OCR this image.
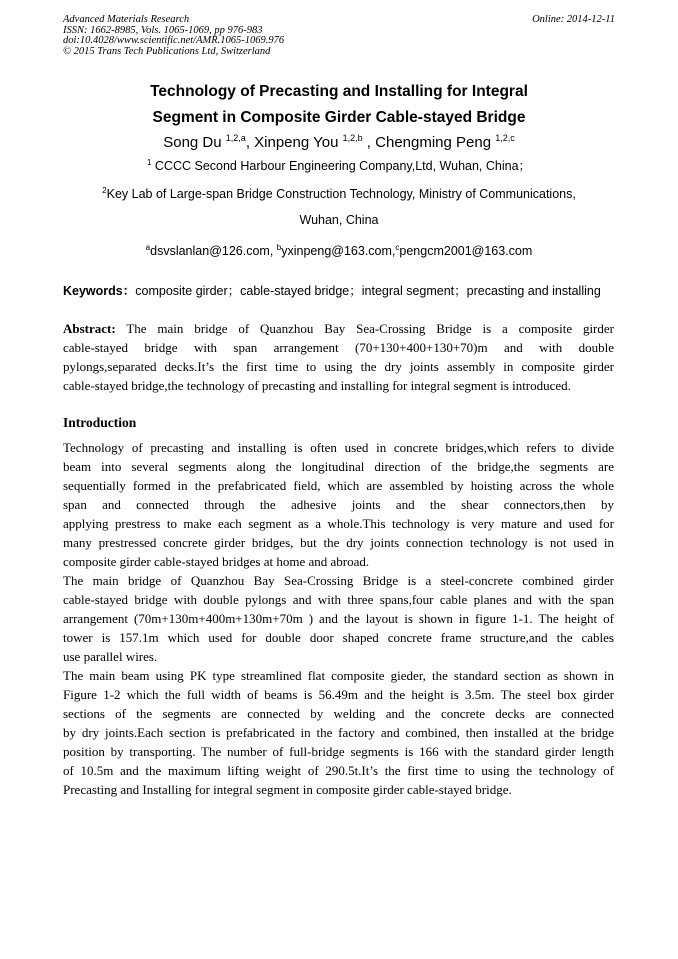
Advanced Materials Research
ISSN: 1662-8985, Vols. 1065-1069, pp 976-983
doi:10.4028/www.scientific.net/AMR.1065-1069.976
© 2015 Trans Tech Publications Ltd, Switzerland
Online: 2014-12-11
Technology of Precasting and Installing for Integral
Segment in Composite Girder Cable-stayed Bridge
Song Du $^{1,2,a}$, Xinpeng You $^{1,2,b}$ , Chengming Peng $^{1,2,c}$
$^1$ CCCC Second Harbour Engineering Company,Ltd, Wuhan, China；
$^2$Key Lab of Large-span Bridge Construction Technology, Ministry of Communications,
Wuhan, China
$^a$dsvslanlan@126.com, $^b$yxinpeng@163.com,$^c$pengcm2001@163.com
Keywords：composite girder；cable-stayed bridge；integral segment；precasting and installing
Abstract: The main bridge of Quanzhou Bay Sea-Crossing Bridge is a composite girder
cable-stayed bridge with span arrangement (70+130+400+130+70)m and with double
pylongs,separated decks.It’s the first time to using the dry joints assembly in composite girder
cable-stayed bridge,the technology of precasting and installing for integral segment is introduced.
Introduction
Technology of precasting and installing is often used in concrete bridges,which refers to divide
beam into several segments along the longitudinal direction of the bridge,the segments are
sequentially formed in the prefabricated field, which are assembled by hoisting across the whole
span and connected through the adhesive joints and the shear connectors,then by
applying prestress to make each segment as a whole.This technology is very mature and used for
many prestressed concrete girder bridges, but the dry joints connection technology is not used in
composite girder cable-stayed bridges at home and abroad.
The main bridge of Quanzhou Bay Sea-Crossing Bridge is a steel-concrete combined girder
cable-stayed bridge with double pylongs and with three spans,four cable planes and with the span
arrangement (70m+130m+400m+130m+70m ) and the layout is shown in figure 1-1. The height of
tower is 157.1m which used for double door shaped concrete frame structure,and the cables
use parallel wires.
The main beam using PK type streamlined flat composite gieder, the standard section as shown in
Figure 1-2 which the full width of beams is 56.49m and the height is 3.5m. The steel box girder
sections of the segments are connected by welding and the concrete decks are connected
by dry joints.Each section is prefabricated in the factory and combined, then installed at the bridge
position by transporting. The number of full-bridge segments is 166 with the standard girder length
of 10.5m and the maximum lifting weight of 290.5t.It’s the first time to using the technology of
Precasting and Installing for integral segment in composite girder cable-stayed bridge.
